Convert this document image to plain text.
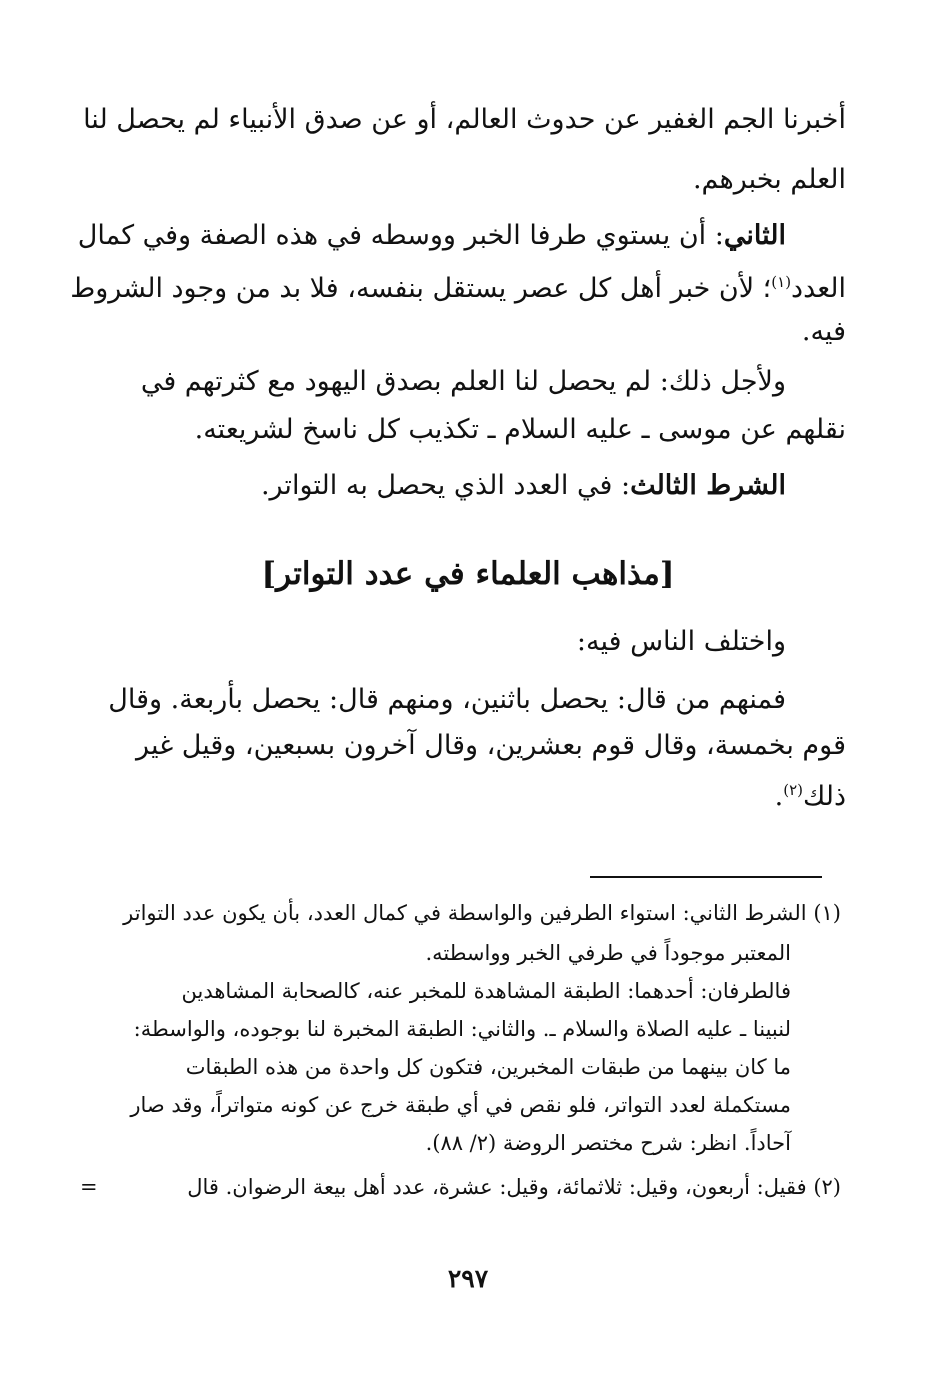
أخبرنا الجم الغفير عن حدوث العالم، أو عن صدق الأنبياء لم يحصل لنا
العلم بخبرهم.
الثاني: أن يستوي طرفا الخبر ووسطه في هذه الصفة وفي كمال
العدد$^{(١)}$؛ لأن خبر أهل كل عصر يستقل بنفسه، فلا بد من وجود الشروط
فيه.
ولأجل ذلك: لم يحصل لنا العلم بصدق اليهود مع كثرتهم في
نقلهم عن موسى ـ عليه السلام ـ تكذيب كل ناسخ لشريعته.
الشرط الثالث: في العدد الذي يحصل به التواتر.
[مذاهب العلماء في عدد التواتر]
واختلف الناس فيه:
فمنهم من قال: يحصل باثنين، ومنهم قال: يحصل بأربعة. وقال
قوم بخمسة، وقال قوم بعشرين، وقال آخرون بسبعين، وقيل غير
ذلك$^{(٢)}$.
(١) الشرط الثاني: استواء الطرفين والواسطة في كمال العدد، بأن يكون عدد التواتر
المعتبر موجوداً في طرفي الخبر وواسطته.
فالطرفان: أحدهما: الطبقة المشاهدة للمخبر عنه، كالصحابة المشاهدين
لنبينا ـ عليه الصلاة والسلام ـ. والثاني: الطبقة المخبرة لنا بوجوده، والواسطة:
ما كان بينهما من طبقات المخبرين، فتكون كل واحدة من هذه الطبقات
مستكملة لعدد التواتر، فلو نقص في أي طبقة خرج عن كونه متواتراً، وقد صار
آحاداً. انظر: شرح مختصر الروضة (٢/ ٨٨).
(٢) فقيل: أربعون، وقيل: ثلاثمائة، وقيل: عشرة، عدد أهل بيعة الرضوان. قال
=
٢٩٧
